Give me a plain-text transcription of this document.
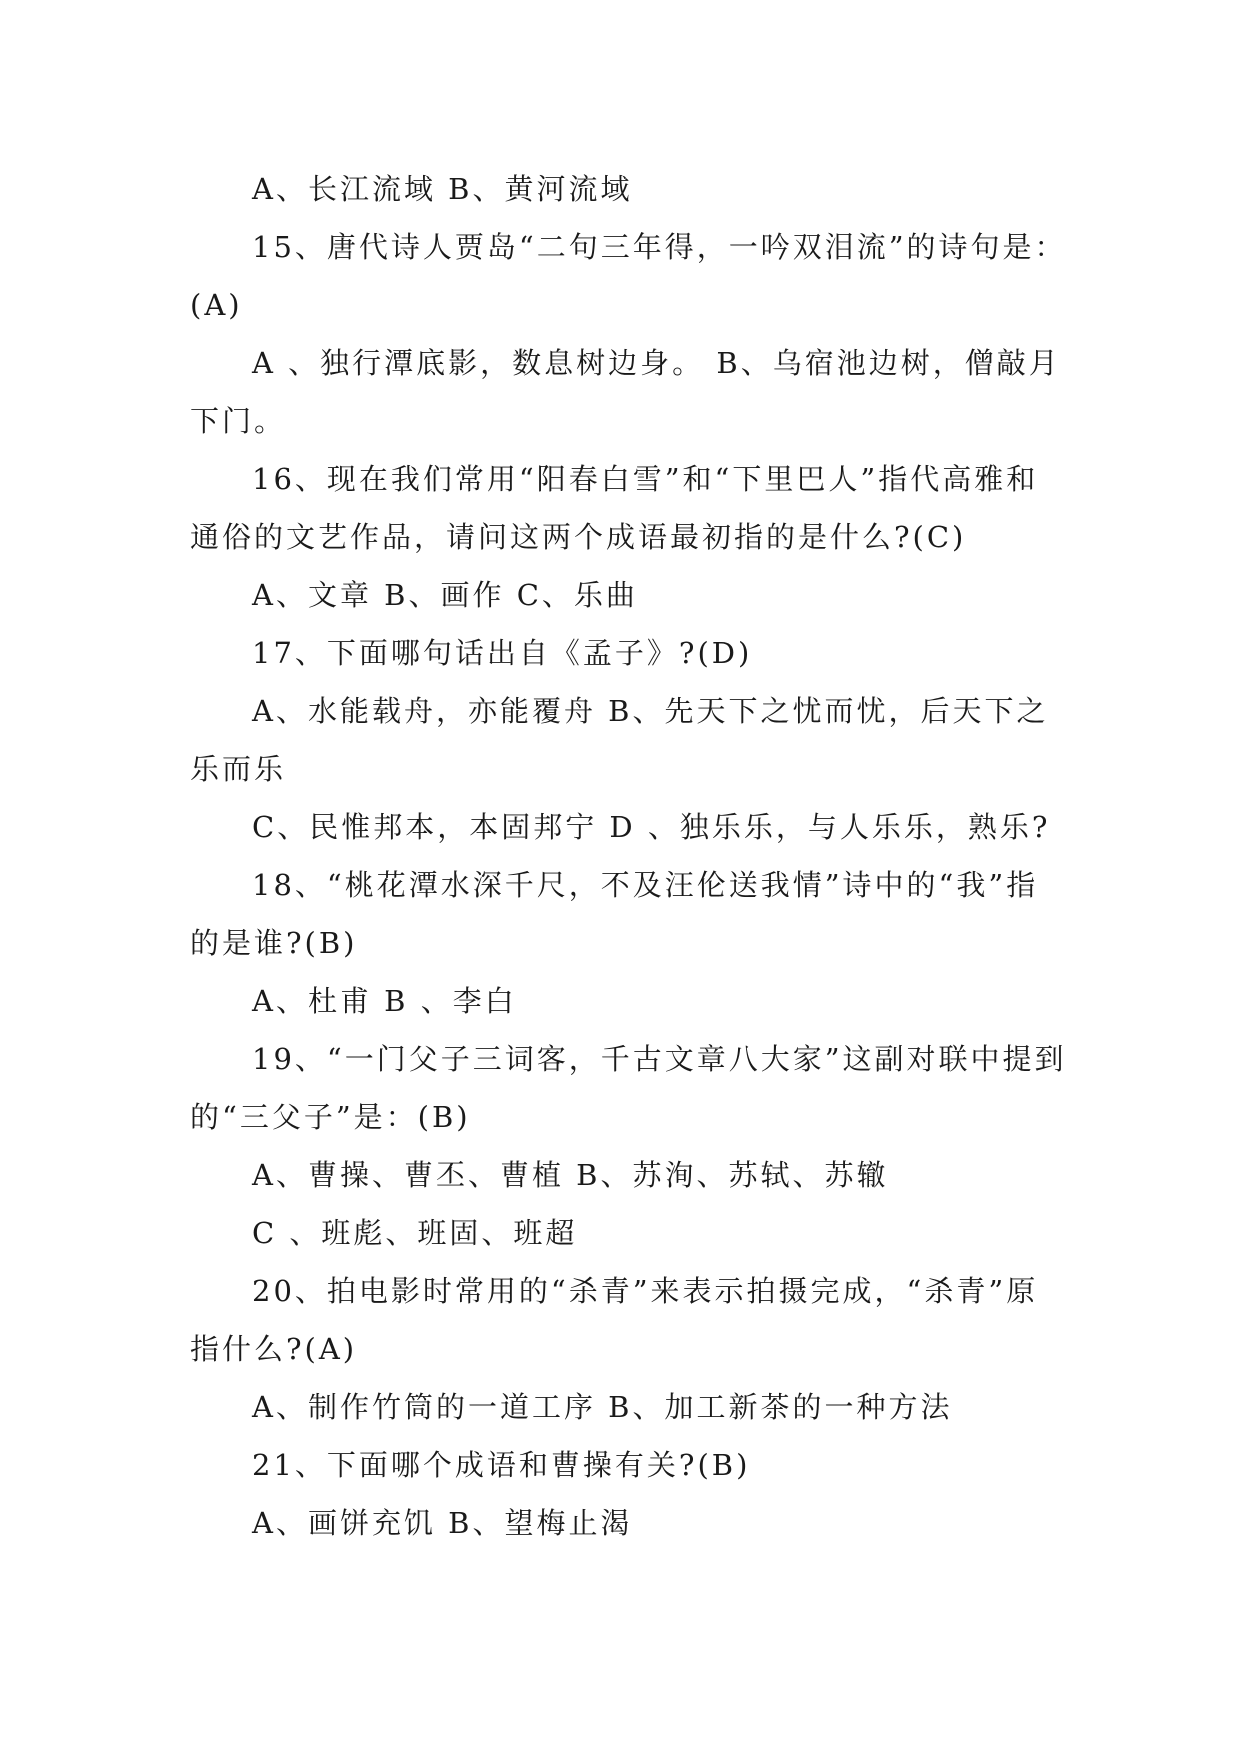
A、长江流域 B、黄河流域

15、唐代诗人贾岛“二句三年得，一吟双泪流”的诗句是：(A)

A 、独行潭底影，数息树边身。 B、乌宿池边树，僧敲月下门。

16、现在我们常用“阳春白雪”和“下里巴人”指代高雅和通俗的文艺作品，请问这两个成语最初指的是什么?(C)

A、文章 B、画作 C、乐曲

17、下面哪句话出自《孟子》?(D)

A、水能载舟，亦能覆舟 B、先天下之忧而忧，后天下之乐而乐

C、民惟邦本，本固邦宁 D 、独乐乐，与人乐乐，熟乐?

18、“桃花潭水深千尺，不及汪伦送我情”诗中的“我”指的是谁?(B)

A、杜甫 B 、李白

19、“一门父子三词客，千古文章八大家”这副对联中提到的“三父子”是：(B)

A、曹操、曹丕、曹植 B、苏洵、苏轼、苏辙

C 、班彪、班固、班超

20、拍电影时常用的“杀青”来表示拍摄完成，“杀青”原指什么?(A)

A、制作竹筒的一道工序 B、加工新茶的一种方法

21、下面哪个成语和曹操有关?(B)

A、画饼充饥 B、望梅止渴
